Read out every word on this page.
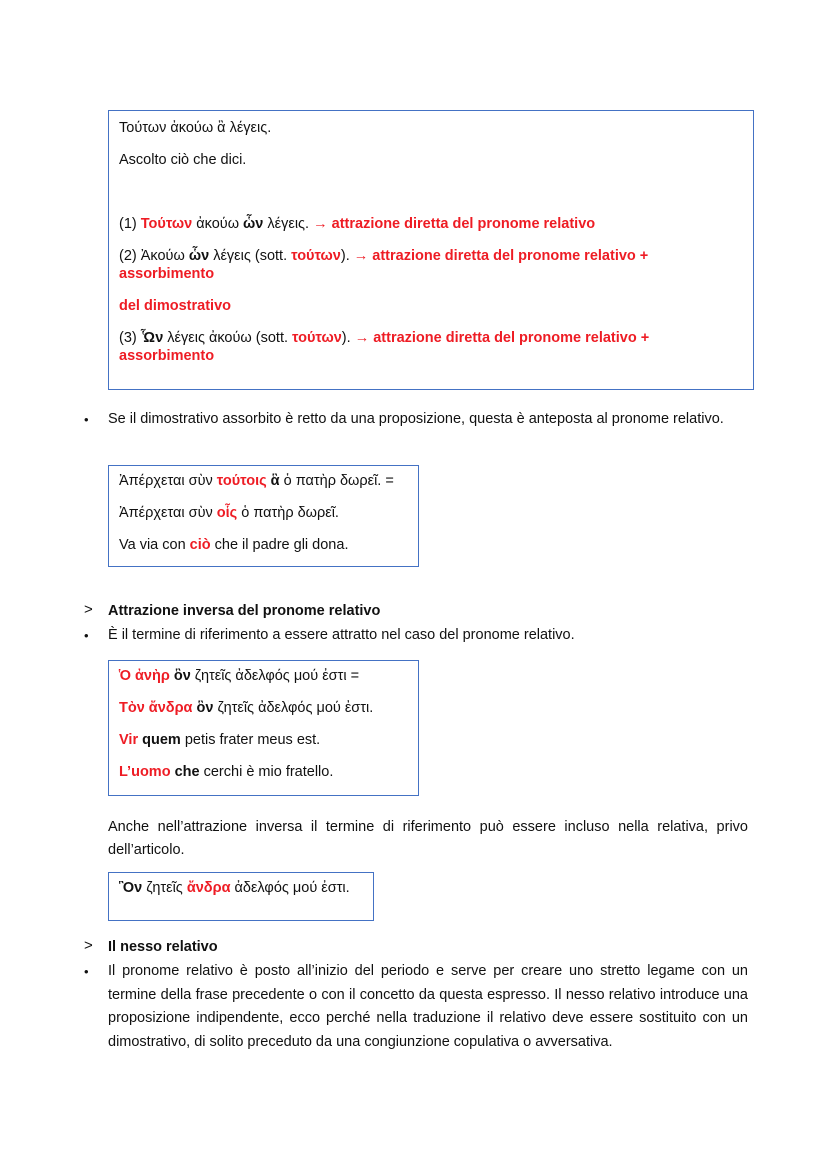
Τούτων ἀκούω ἃ λέγεις.

Ascolto ciò che dici.

(1) Τούτων ἀκούω ὧν λέγεις. → attrazione diretta del pronome relativo

(2) Ἀκούω ὧν λέγεις (sott. τούτων). → attrazione diretta del pronome relativo + assorbimento

del dimostrativo

(3) Ὧν λέγεις ἀκούω (sott. τούτων). → attrazione diretta del pronome relativo + assorbimento

• Se il dimostrativo assorbito è retto da una proposizione, questa è anteposta al pronome relativo.

Ἀπέρχεται σὺν τούτοις ἃ ὁ πατὴρ δωρεῖ. =

Ἀπέρχεται σὺν οἷς ὁ πατὴρ δωρεῖ.

Va via con ciò che il padre gli dona.

> Attrazione inversa del pronome relativo
• È il termine di riferimento a essere attratto nel caso del pronome relativo.

Ὁ ἀνὴρ ὃν ζητεῖς ἀδελφός μού ἐστι =

Τὸν ἄνδρα ὃν ζητεῖς ἀδελφός μού ἐστι.

Vir quem petis frater meus est.

L’uomo che cerchi è mio fratello.

Anche nell’attrazione inversa il termine di riferimento può essere incluso nella relativa, privo dell’articolo.

Ὃν ζητεῖς ἄνδρα ἀδελφός μού ἐστι.

> Il nesso relativo
• Il pronome relativo è posto all’inizio del periodo e serve per creare uno stretto legame con un termine della frase precedente o con il concetto da questa espresso. Il nesso relativo introduce una proposizione indipendente, ecco perché nella traduzione il relativo deve essere sostituito con un dimostrativo, di solito preceduto da una congiunzione copulativa o avversativa.
